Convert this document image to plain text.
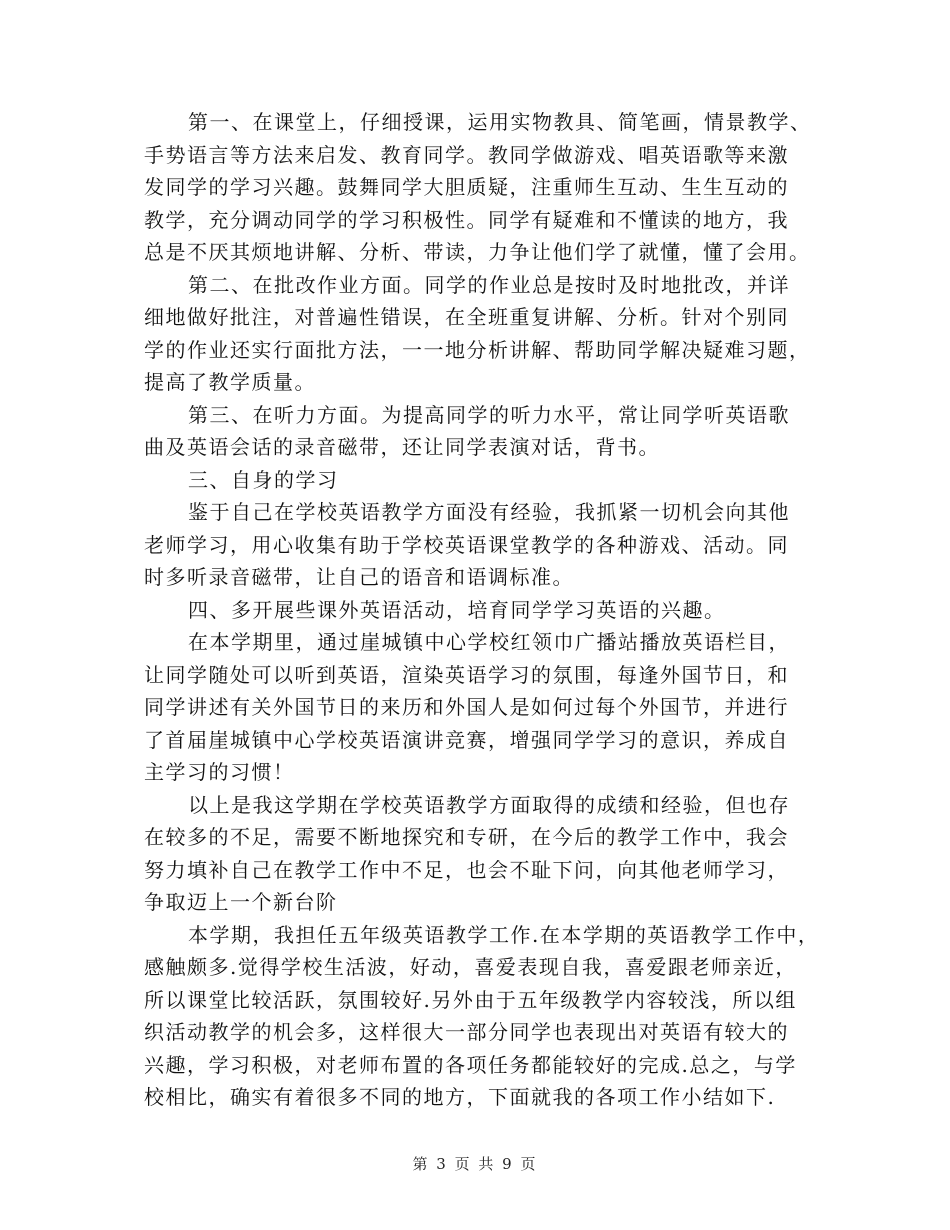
第一、在课堂上，仔细授课，运用实物教具、简笔画，情景教学、
手势语言等方法来启发、教育同学。教同学做游戏、唱英语歌等来激
发同学的学习兴趣。鼓舞同学大胆质疑，注重师生互动、生生互动的
教学，充分调动同学的学习积极性。同学有疑难和不懂读的地方，我
总是不厌其烦地讲解、分析、带读，力争让他们学了就懂，懂了会用。
第二、在批改作业方面。同学的作业总是按时及时地批改，并详
细地做好批注，对普遍性错误，在全班重复讲解、分析。针对个别同
学的作业还实行面批方法，一一地分析讲解、帮助同学解决疑难习题，
提高了教学质量。
第三、在听力方面。为提高同学的听力水平，常让同学听英语歌
曲及英语会话的录音磁带，还让同学表演对话，背书。
三、自身的学习
鉴于自己在学校英语教学方面没有经验，我抓紧一切机会向其他
老师学习，用心收集有助于学校英语课堂教学的各种游戏、活动。同
时多听录音磁带，让自己的语音和语调标准。
四、多开展些课外英语活动，培育同学学习英语的兴趣。
在本学期里，通过崖城镇中心学校红领巾广播站播放英语栏目，
让同学随处可以听到英语，渲染英语学习的氛围，每逢外国节日，和
同学讲述有关外国节日的来历和外国人是如何过每个外国节，并进行
了首届崖城镇中心学校英语演讲竞赛，增强同学学习的意识，养成自
主学习的习惯！
以上是我这学期在学校英语教学方面取得的成绩和经验，但也存
在较多的不足，需要不断地探究和专研，在今后的教学工作中，我会
努力填补自己在教学工作中不足，也会不耻下问，向其他老师学习，
争取迈上一个新台阶
本学期，我担任五年级英语教学工作.在本学期的英语教学工作中，
感触颇多.觉得学校生活波，好动，喜爱表现自我，喜爱跟老师亲近，
所以课堂比较活跃，氛围较好.另外由于五年级教学内容较浅，所以组
织活动教学的机会多，这样很大一部分同学也表现出对英语有较大的
兴趣，学习积极，对老师布置的各项任务都能较好的完成.总之，与学
校相比，确实有着很多不同的地方，下面就我的各项工作小结如下.
第 3 页 共 9 页
